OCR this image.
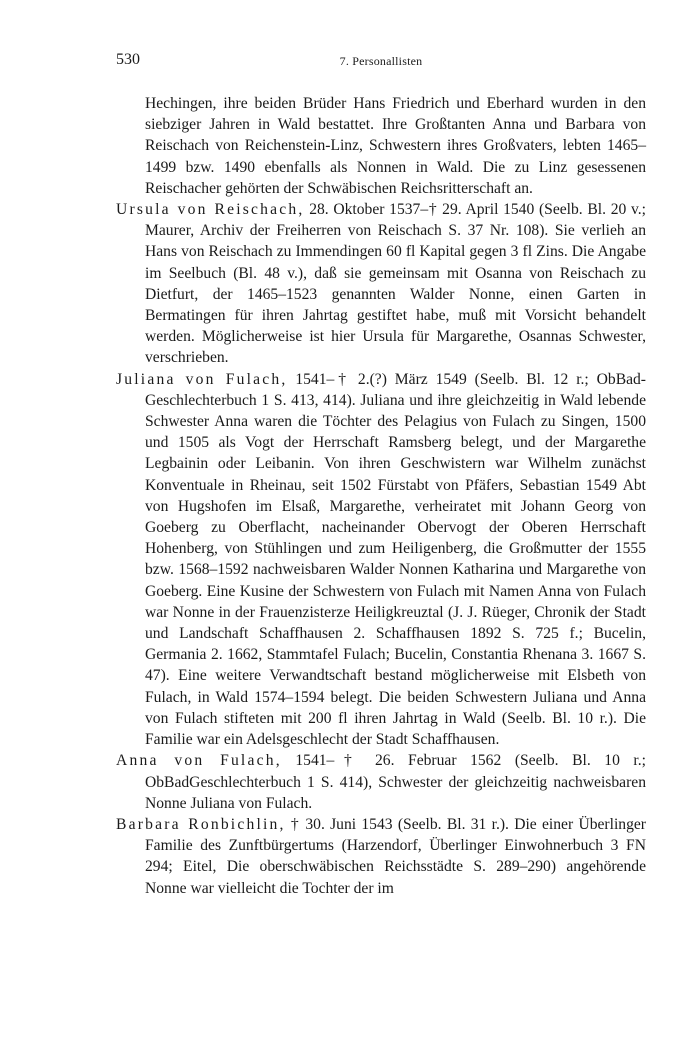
530	7. Personallisten

Hechingen, ihre beiden Brüder Hans Friedrich und Eberhard wurden in den siebziger Jahren in Wald bestattet. Ihre Großtanten Anna und Barbara von Reischach von Reichenstein-Linz, Schwestern ihres Großvaters, lebten 1465–1499 bzw. 1490 ebenfalls als Nonnen in Wald. Die zu Linz gesessenen Reischacher gehörten der Schwäbischen Reichsritterschaft an.

Ursula von Reischach, 28. Oktober 1537–† 29. April 1540 (Seelb. Bl. 20 v.; Maurer, Archiv der Freiherren von Reischach S. 37 Nr. 108). Sie verlieh an Hans von Reischach zu Immendingen 60 fl Kapital gegen 3 fl Zins. Die Angabe im Seelbuch (Bl. 48 v.), daß sie gemeinsam mit Osanna von Reischach zu Dietfurt, der 1465–1523 genannten Walder Nonne, einen Garten in Bermatingen für ihren Jahrtag gestiftet habe, muß mit Vorsicht behandelt werden. Möglicherweise ist hier Ursula für Margarethe, Osannas Schwester, verschrieben.

Juliana von Fulach, 1541–† 2.(?) März 1549 (Seelb. Bl. 12 r.; ObBad-Geschlechterbuch 1 S. 413, 414). Juliana und ihre gleichzeitig in Wald lebende Schwester Anna waren die Töchter des Pelagius von Fulach zu Singen, 1500 und 1505 als Vogt der Herrschaft Ramsberg belegt, und der Margarethe Legbainin oder Leibanin. Von ihren Geschwistern war Wilhelm zunächst Konventuale in Rheinau, seit 1502 Fürstabt von Pfäfers, Sebastian 1549 Abt von Hugshofen im Elsaß, Margarethe, verheiratet mit Johann Georg von Goeberg zu Oberflacht, nacheinander Obervogt der Oberen Herrschaft Hohenberg, von Stühlingen und zum Heiligenberg, die Großmutter der 1555 bzw. 1568–1592 nachweisbaren Walder Nonnen Katharina und Margarethe von Goeberg. Eine Kusine der Schwestern von Fulach mit Namen Anna von Fulach war Nonne in der Frauenzisterze Heiligkreuztal (J. J. Rüeger, Chronik der Stadt und Landschaft Schaffhausen 2. Schaffhausen 1892 S. 725 f.; Bucelin, Germania 2. 1662, Stammtafel Fulach; Bucelin, Constantia Rhenana 3. 1667 S. 47). Eine weitere Verwandtschaft bestand möglicherweise mit Elsbeth von Fulach, in Wald 1574–1594 belegt. Die beiden Schwestern Juliana und Anna von Fulach stifteten mit 200 fl ihren Jahrtag in Wald (Seelb. Bl. 10 r.). Die Familie war ein Adelsgeschlecht der Stadt Schaffhausen.

Anna von Fulach, 1541–† 26. Februar 1562 (Seelb. Bl. 10 r.; ObBadGeschlechterbuch 1 S. 414), Schwester der gleichzeitig nachweisbaren Nonne Juliana von Fulach.

Barbara Ronbichlin, † 30. Juni 1543 (Seelb. Bl. 31 r.). Die einer Überlinger Familie des Zunftbürgertums (Harzendorf, Überlinger Einwohnerbuch 3 FN 294; Eitel, Die oberschwäbischen Reichsstädte S. 289–290) angehörende Nonne war vielleicht die Tochter der im
